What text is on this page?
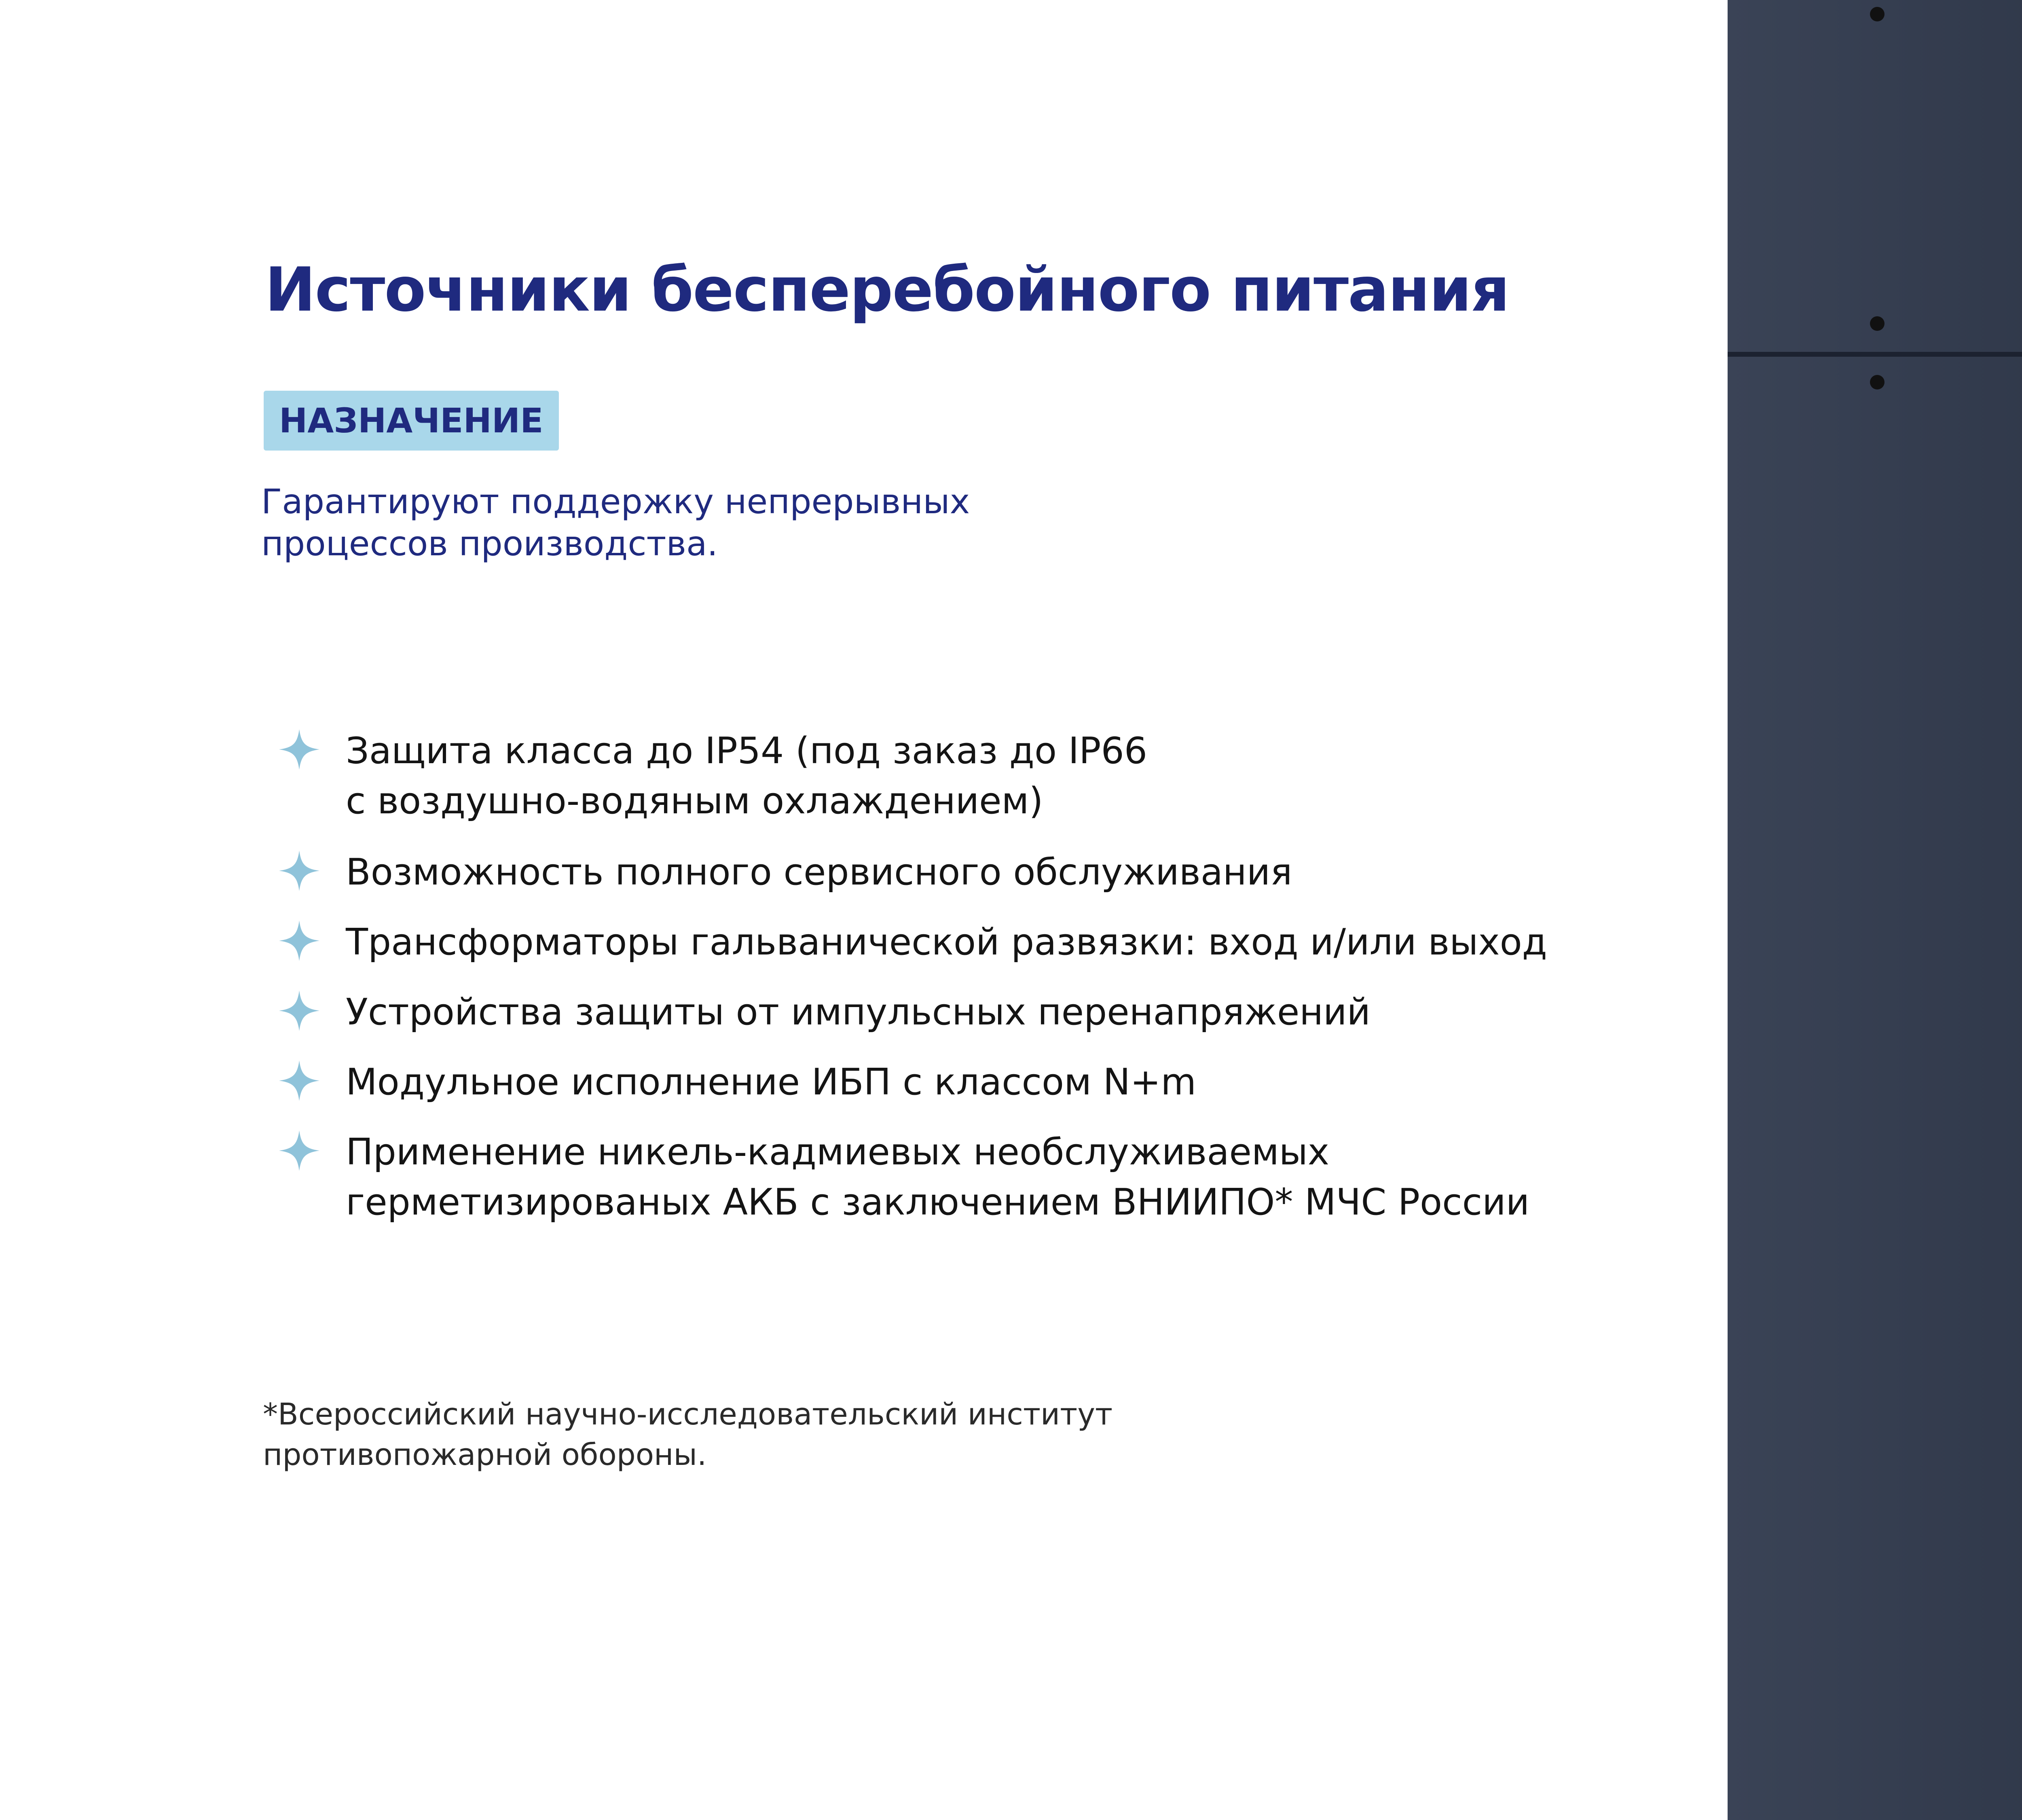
Источники бесперебойного питания
НАЗНАЧЕНИЕ

Гарантируют поддержку непрерывных
процессов производства.

Защита класса до IP54 (под заказ до IP66
с воздушно-водяным охлаждением)
Возможность полного сервисного обслуживания
Трансформаторы гальванической развязки: вход и/или выход
Устройства защиты от импульсных перенапряжений
Модульное исполнение ИБП с классом N+m
Применение никель-кадмиевых необслуживаемых
герметизированых АКБ с заключением ВНИИПО* МЧС России

*Всероссийский научно-исследовательский институт
противопожарной обороны.
